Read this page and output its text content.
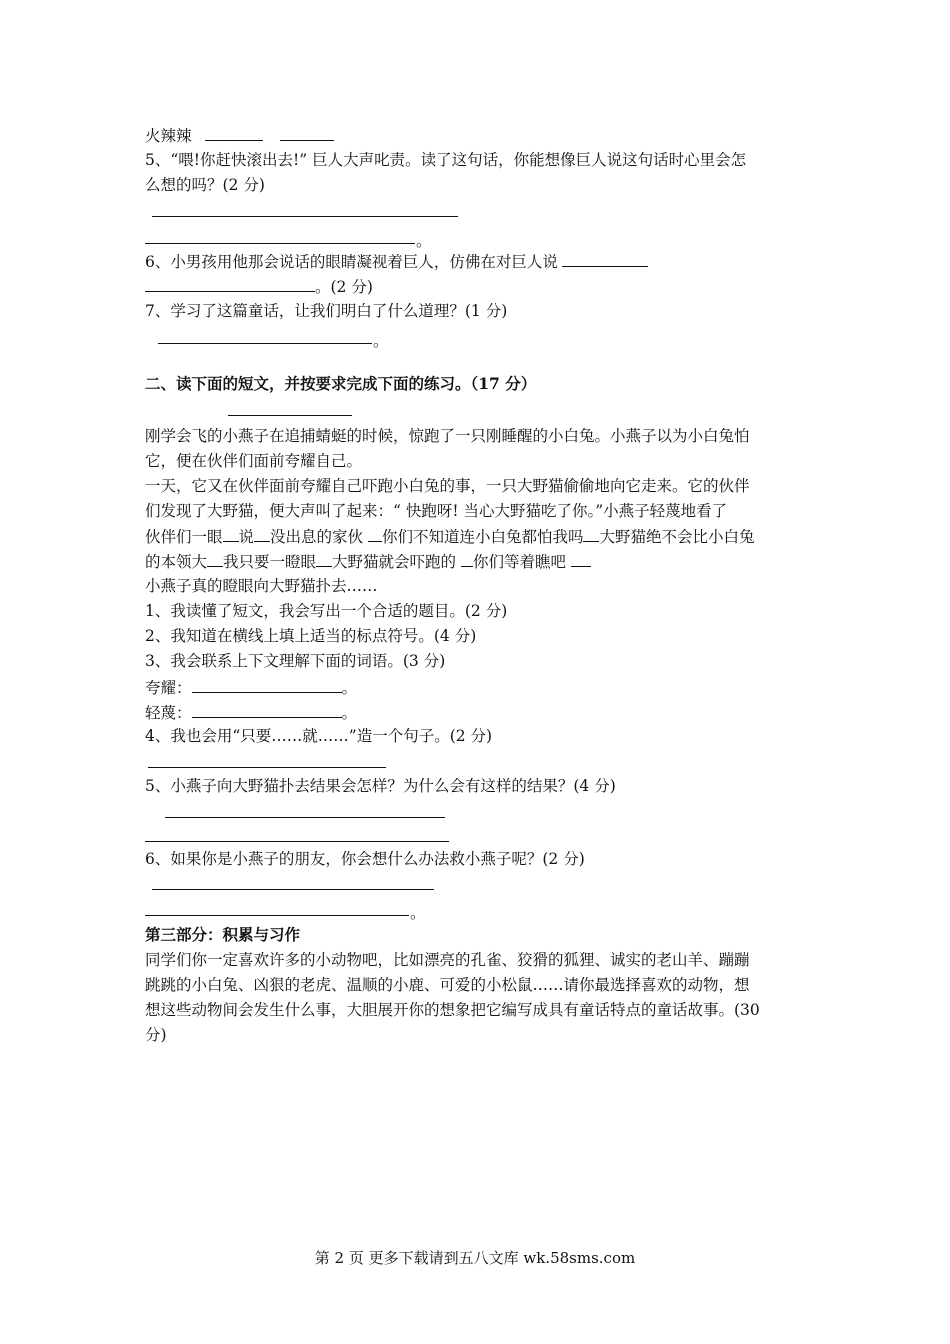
火辣辣
5、“喂!你赶快滚出去!” 巨人大声叱责。读了这句话，你能想像巨人说这句话时心里会怎
么想的吗？(2 分)
。
6、小男孩用他那会说话的眼睛凝视着巨人，仿佛在对巨人说
。(2 分)
7、学习了这篇童话，让我们明白了什么道理？(1 分)
。
二、读下面的短文，并按要求完成下面的练习。（17 分）
刚学会飞的小燕子在追捕蜻蜓的时候，惊跑了一只刚睡醒的小白兔。小燕子以为小白兔怕
它，便在伙伴们面前夸耀自己。
一天，它又在伙伴面前夸耀自己吓跑小白兔的事，一只大野猫偷偷地向它走来。它的伙伴
们发现了大野猫，便大声叫了起来：“ 快跑呀! 当心大野猫吃了你。”小燕子轻蔑地看了
伙伴们一眼 说 没出息的家伙 你们不知道连小白兔都怕我吗 大野猫绝不会比小白兔
的本领大 我只要一瞪眼 大野猫就会吓跑的 你们等着瞧吧
小燕子真的瞪眼向大野猫扑去……
1、我读懂了短文，我会写出一个合适的题目。(2 分)
2、我知道在横线上填上适当的标点符号。(4 分)
3、我会联系上下文理解下面的词语。(3 分)
夸耀：	。
轻蔑：	。
4、我也会用“只要……就……”造一个句子。(2 分)
5、小燕子向大野猫扑去结果会怎样？为什么会有这样的结果？(4 分)
6、如果你是小燕子的朋友，你会想什么办法救小燕子呢？(2 分)
。
第三部分：积累与习作
同学们你一定喜欢许多的小动物吧，比如漂亮的孔雀、狡猾的狐狸、诚实的老山羊、蹦蹦
跳跳的小白兔、凶狠的老虎、温顺的小鹿、可爱的小松鼠……请你最选择喜欢的动物，想
想这些动物间会发生什么事，大胆展开你的想象把它编写成具有童话特点的童话故事。(30
分)
第 2 页 更多下载请到五八文库 wk.58sms.com
